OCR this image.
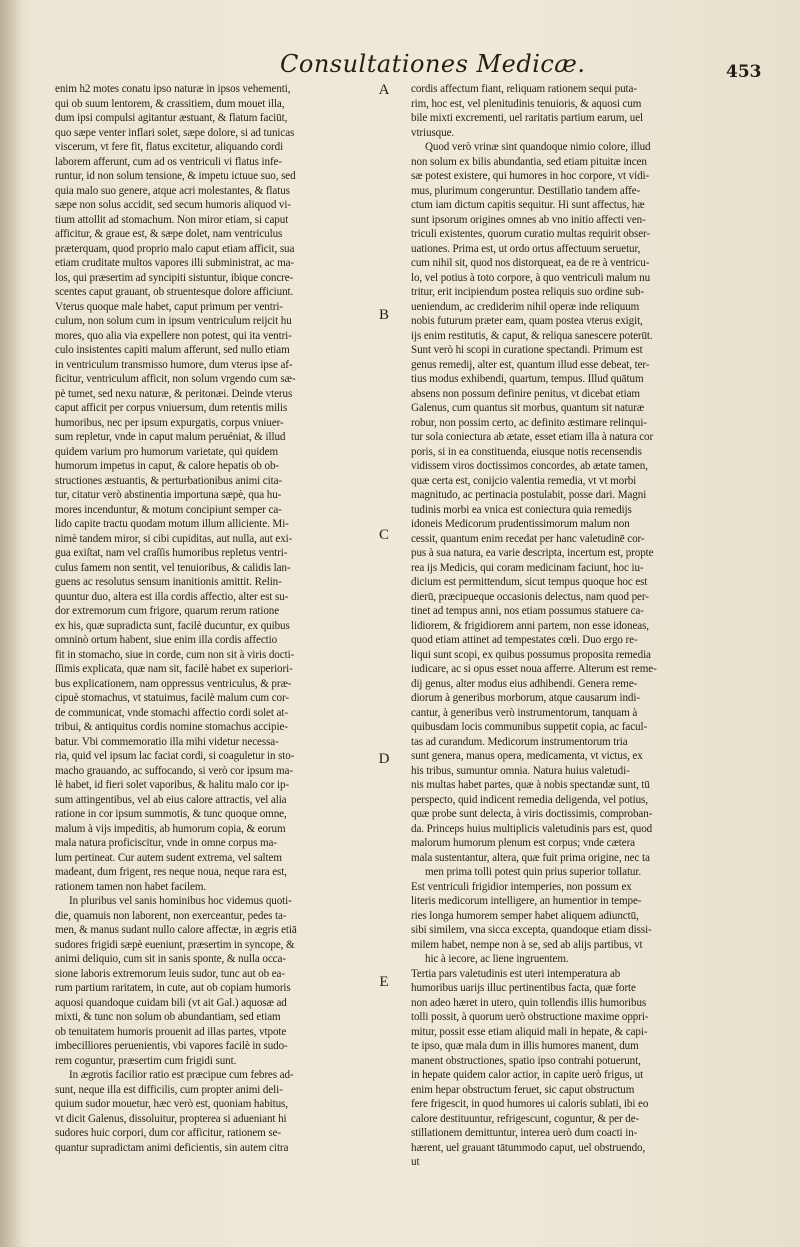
Consultationes Medicæ.	453
A
B
C
D
E
enim h2 motes conatu ipso naturæ in ipsos vehementi,
qui ob suum lentorem, & crassitiem, dum mouet illa,
dum ipsi compulsi agitantur æstuant, & flatum faciūt,
quo sæpe venter inflari solet, sæpe dolore, si ad tunicas
viscerum, vt fere fit, flatus excitetur, aliquando cordi
laborem afferunt, cum ad os ventriculi vi flatus infe-
runtur, id non solum tensione, & impetu ictuue suo, sed
quia malo suo genere, atque acri molestantes, & flatus
sæpe non solus accidit, sed secum humoris aliquod vi-
tium attollit ad stomachum. Non miror etiam, si caput
afficitur, & graue est, & sæpe dolet, nam ventriculus
præterquam, quod proprio malo caput etiam afficit, sua
etiam cruditate multos vapores illi subministrat, ac ma-
los, qui præsertim ad syncipiti sistuntur, ibique concre-
scentes caput grauant, ob struentesque dolore afficiunt.
Vterus quoque male habet, caput primum per ventri-
culum, non solum cum in ipsum ventriculum reijcit hu
mores, quo alia via expellere non potest, qui ita ventri-
culo insistentes capiti malum afferunt, sed nullo etiam
in ventriculum transmisso humore, dum vterus ipse af-
ficitur, ventriculum afficit, non solum vrgendo cum sæ-
pè tumet, sed nexu naturæ, & peritonæi. Deinde vterus
caput afficit per corpus vniuersum, dum retentis milis
humoribus, nec per ipsum expurgatis, corpus vniuer-
sum repletur, vnde in caput malum peruéniat, & illud
quidem varium pro humorum varietate, qui quidem
humorum impetus in caput, & calore hepatis ob ob-
structiones æstuantis, & perturbationibus animi cita-
tur, citatur verò abstinentia importuna sæpè, qua hu-
mores incenduntur, & motum concipiunt semper ca-
lido capite tractu quodam motum illum alliciente. Mi-
nimè tandem miror, si cibi cupiditas, aut nulla, aut exi-
gua exiſtat, nam vel craſſis humoribus repletus ventri-
culus famem non sentit, vel tenuioribus, & calidis lan-
guens ac resolutus sensum inanitionis amittit. Relin-
quuntur duo, altera est illa cordis affectio, alter est su-
dor extremorum cum frigore, quarum rerum ratione
ex his, quæ supradicta sunt, facilè ducuntur, ex quibus
omninò ortum habent, siue enim illa cordis affectio
fit in stomacho, siue in corde, cum non sit à viris docti-
ſſimis explicata, quæ nam sit, facilè habet ex superiori-
bus explicationem, nam oppressus ventriculus, & præ-
cipuè stomachus, vt statuimus, facilè malum cum cor-
de communicat, vnde stomachi affectio cordi solet at-
tribui, & antiquitus cordis nomine stomachus accipie-
batur. Vbi commemoratio illa mihi videtur necessa-
ria, quid vel ipsum lac faciat cordi, si coaguletur in sto-
macho grauando, ac suffocando, si verò cor ipsum ma-
lè habet, id fieri solet vaporibus, & halitu malo cor ip-
sum attingentibus, vel ab eius calore attractis, vel alia
ratione in cor ipsum summotis, & tunc quoque omne,
malum à vijs impeditis, ab humorum copia, & eorum
mala natura proficiscitur, vnde in omne corpus ma-
lum pertineat. Cur autem sudent extrema, vel saltem
madeant, dum frigent, res neque noua, neque rara est,
rationem tamen non habet facilem.
In pluribus vel sanis hominibus hoc videmus quoti-
die, quamuis non laborent, non exerceantur, pedes ta-
men, & manus sudant nullo calore affectæ, in ægris etiā
sudores frigidi sæpè eueniunt, præsertim in syncope, &
animi deliquio, cum sit in sanis sponte, & nulla occa-
sione laboris extremorum leuis sudor, tunc aut ob ea-
rum partium raritatem, in cute, aut ob copiam humoris
aquosi quandoque cuidam bili (vt ait Gal.) aquosæ ad
mixti, & tunc non solum ob abundantiam, sed etiam
ob tenuitatem humoris prouenit ad illas partes, vtpote
imbecilliores peruenientis, vbi vapores facilè in sudo-
rem coguntur, præsertim cum frigidi sunt.
In ægrotis facilior ratio est præcipue cum febres ad-
sunt, neque illa est difficilis, cum propter animi deli-
quium sudor mouetur, hæc verò est, quoniam habitus,
vt dicit Galenus, dissoluitur, propterea si adueniant hi
sudores huic corpori, dum cor afficitur, rationem se-
quantur supradictam animi deficientis, sin autem citra
cordis affectum fiant, reliquam rationem sequi puta-
rim, hoc est, vel plenitudinis tenuioris, & aquosi cum
bile mixti excrementi, uel raritatis partium earum, uel
vtriusque.
Quod verò vrinæ sint quandoque nimio colore, illud
non solum ex bilis abundantia, sed etiam pituitæ incen
sæ potest existere, qui humores in hoc corpore, vt vidi-
mus, plurimum congeruntur. Destillatio tandem affe-
ctum iam dictum capitis sequitur. Hi sunt affectus, hæ
sunt ipsorum origines omnes ab vno initio affecti ven-
triculi existentes, quorum curatio multas requirit obser-
uationes. Prima est, ut ordo ortus affectuum seruetur,
cum nihil sit, quod nos distorqueat, ea de re à ventricu-
lo, vel potius à toto corpore, à quo ventriculi malum nu
tritur, erit incipiendum postea reliquis suo ordine sub-
ueniendum, ac crediderim nihil operæ inde reliquum
nobis futurum præter eam, quam postea vterus exigit,
ijs enim restitutis, & caput, & reliqua sanescere poterūt.
Sunt verò hi scopi in curatione spectandi. Primum est
genus remedij, alter est, quantum illud esse debeat, ter-
tius modus exhibendi, quartum, tempus. Illud quātum
absens non possum definire penitus, vt dicebat etiam
Galenus, cum quantus sit morbus, quantum sit naturæ
robur, non possim certo, ac definito æstimare relinqui-
tur sola coniectura ab ætate, esset etiam illa à natura cor
poris, si in ea constituenda, eiusque notis recensendis
vidissem viros doctissimos concordes, ab ætate tamen,
quæ certa est, conijcio valentia remedia, vt vt morbi
magnitudo, ac pertinacia postulabit, posse dari. Magni
tudinis morbi ea vnica est coniectura quia remedijs
idoneis Medicorum prudentissimorum malum non
cessit, quantum enim recedat per hanc valetudinē cor-
pus à sua natura, ea varie descripta, incertum est, propte
rea ijs Medicis, qui coram medicinam faciunt, hoc iu-
dicium est permittendum, sicut tempus quoque hoc est
dierū, præcipueque occasionis delectus, nam quod per-
tinet ad tempus anni, nos etiam possumus statuere ca-
lidiorem, & frigidiorem anni partem, non esse idoneas,
quod etiam attinet ad tempestates cœli. Duo ergo re-
liqui sunt scopi, ex quibus possumus proposita remedia
iudicare, ac si opus esset noua afferre. Alterum est reme-
dij genus, alter modus eius adhibendi. Genera reme-
diorum à generibus morborum, atque causarum indi-
cantur, à generibus verò instrumentorum, tanquam à
quibusdam locis communibus suppetit copia, ac facul-
tas ad curandum. Medicorum instrumentorum tria
sunt genera, manus opera, medicamenta, vt victus, ex
his tribus, sumuntur omnia. Natura huius valetudi-
nis multas habet partes, quæ à nobis spectandæ sunt, tū
perspecto, quid indicent remedia deligenda, vel potius,
quæ probe sunt delecta, à viris doctissimis, comproban-
da. Princeps huius multiplicis valetudinis pars est, quod
malorum humorum plenum est corpus; vnde cætera
mala sustentantur, altera, quæ fuit prima origine, nec ta
men prima tolli potest quin prius superior tollatur.
Est ventriculi frigidior intemperies, non possum ex
literis medicorum intelligere, an humentior in tempe-
ries longa humorem semper habet aliquem adiunctū,
sibi similem, vna sicca excepta, quandoque etiam dissi-
milem habet, nempe non à se, sed ab alijs partibus, vt
hic à iecore, ac liene ingruentem.
Tertia pars valetudinis est uteri intemperatura ab
humoribus uarijs illuc pertinentibus facta, quæ forte
non adeo hæret in utero, quin tollendis illis humoribus
tolli possit, à quorum uerò obstructione maxime oppri-
mitur, possit esse etiam aliquid mali in hepate, & capi-
te ipso, quæ mala dum in illis humores manent, dum
manent obstructiones, spatio ipso contrahi potuerunt,
in hepate quidem calor actior, in capite uerò frigus, ut
enim hepar obstructum feruet, sic caput obstructum
fere frigescit, in quod humores ui caloris sublati, ibi eo
calore destituuntur, refrigescunt, coguntur, & per de-
stillationem demittuntur, interea uerò dum coacti in-
hærent, uel grauant tātummodo caput, uel obstruendo,
ut
